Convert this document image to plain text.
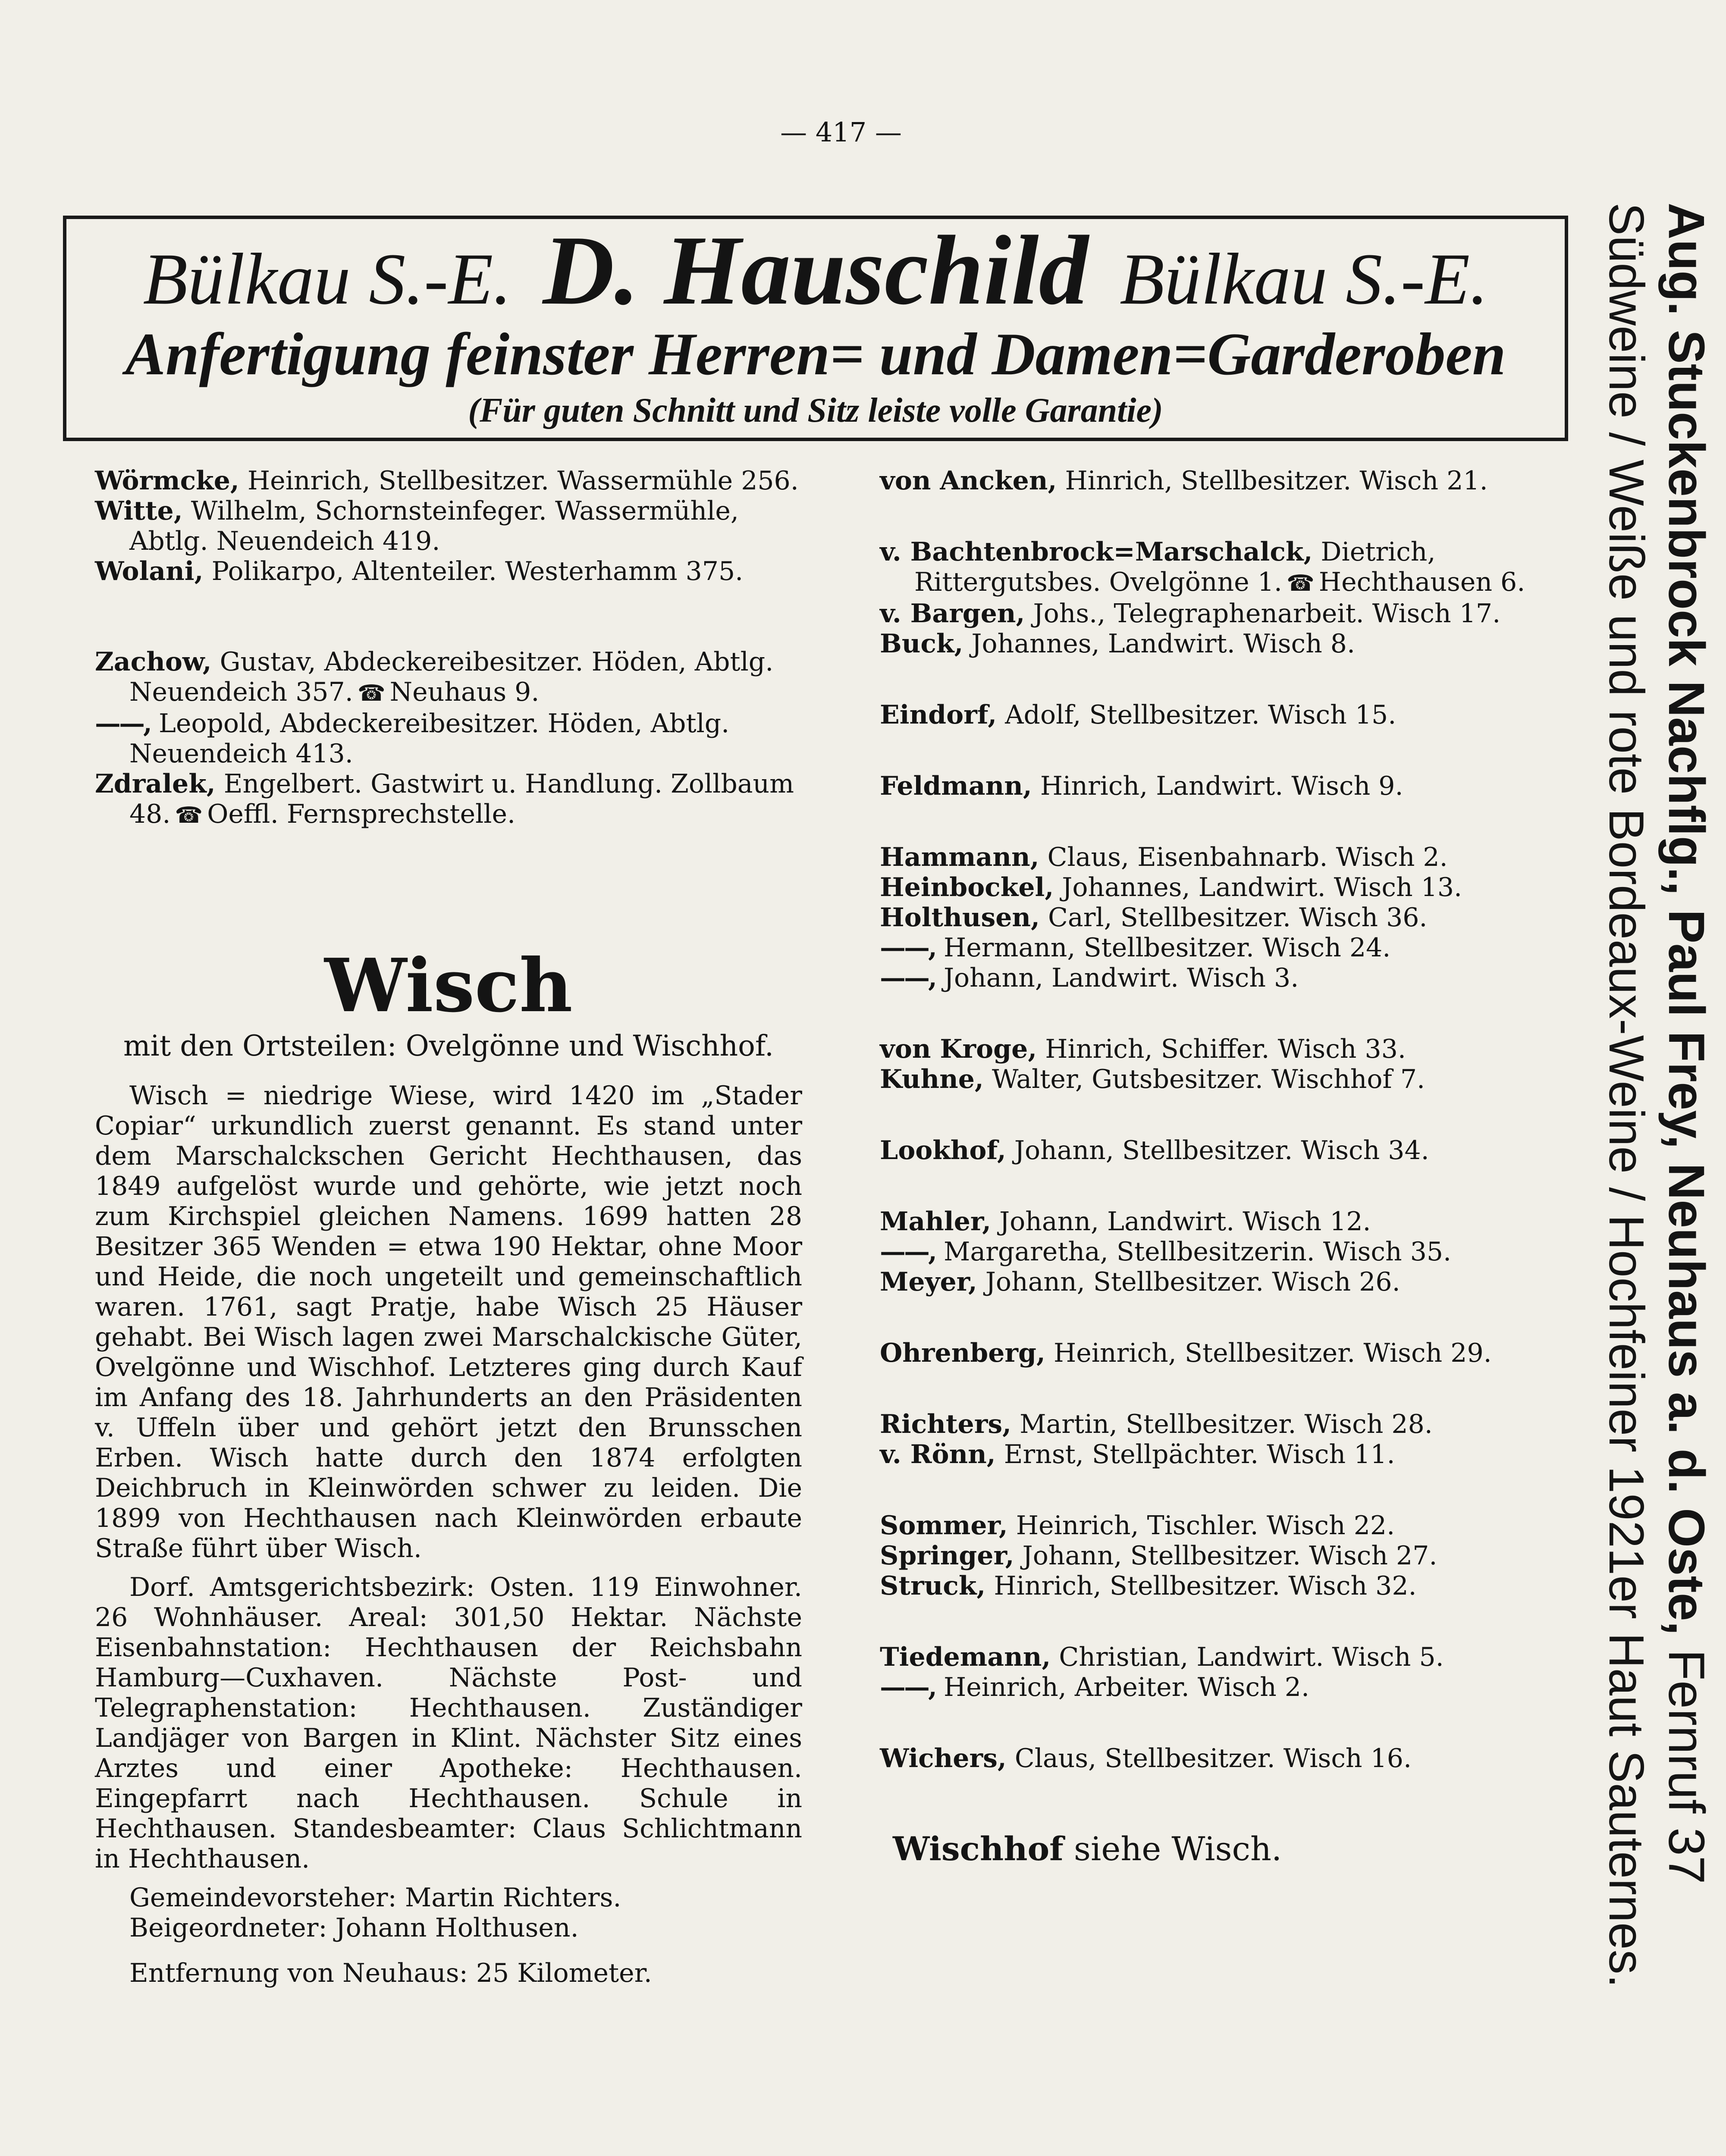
— 417 —
Bülkau S.-E. D. Hauschild Bülkau S.-E.
Anfertigung feinster Herren= und Damen=Garderoben
(Für guten Schnitt und Sitz leiste volle Garantie)

Wörmcke, Heinrich, Stellbesitzer. Wassermühle 256.

Witte, Wilhelm, Schornsteinfeger. Wassermühle, Abtlg. Neuendeich 419.

Wolani, Polikarpo, Altenteiler. Westerhamm 375.

Zachow, Gustav, Abdeckereibesitzer. Höden, Abtlg. Neuendeich 357. ☎ Neuhaus 9.

——, Leopold, Abdeckereibesitzer. Höden, Abtlg. Neuendeich 413.

Zdralek, Engelbert. Gastwirt u. Handlung. Zollbaum 48. ☎ Oeffl. Fernsprechstelle.

Wisch
mit den Ortsteilen: Ovelgönne und Wischhof.

Wisch = niedrige Wiese, wird 1420 im „Stader Copiar“ urkundlich zuerst genannt. Es stand unter dem Marschalckschen Gericht Hechthausen, das 1849 aufgelöst wurde und gehörte, wie jetzt noch zum Kirchspiel gleichen Namens. 1699 hatten 28 Besitzer 365 Wenden = etwa 190 Hektar, ohne Moor und Heide, die noch ungeteilt und gemeinschaftlich waren. 1761, sagt Pratje, habe Wisch 25 Häuser gehabt. Bei Wisch lagen zwei Marschalckische Güter, Ovelgönne und Wischhof. Letzteres ging durch Kauf im Anfang des 18. Jahrhunderts an den Präsidenten v. Uffeln über und gehört jetzt den Brunsschen Erben. Wisch hatte durch den 1874 erfolgten Deichbruch in Kleinwörden schwer zu leiden. Die 1899 von Hechthausen nach Kleinwörden erbaute Straße führt über Wisch.

Dorf. Amtsgerichtsbezirk: Osten. 119 Einwohner. 26 Wohnhäuser. Areal: 301,50 Hektar. Nächste Eisenbahnstation: Hechthausen der Reichsbahn Hamburg—Cuxhaven. Nächste Post- und Telegraphenstation: Hechthausen. Zuständiger Landjäger von Bargen in Klint. Nächster Sitz eines Arztes und einer Apotheke: Hechthausen. Eingepfarrt nach Hechthausen. Schule in Hechthausen. Standesbeamter: Claus Schlichtmann in Hechthausen.

Gemeindevorsteher: Martin Richters.
Beigeordneter: Johann Holthusen.
Entfernung von Neuhaus: 25 Kilometer.

von Ancken, Hinrich, Stellbesitzer. Wisch 21.

v. Bachtenbrock=Marschalck, Dietrich, Rittergutsbes. Ovelgönne 1. ☎ Hechthausen 6.

v. Bargen, Johs., Telegraphenarbeit. Wisch 17.

Buck, Johannes, Landwirt. Wisch 8.

Eindorf, Adolf, Stellbesitzer. Wisch 15.

Feldmann, Hinrich, Landwirt. Wisch 9.

Hammann, Claus, Eisenbahnarb. Wisch 2.

Heinbockel, Johannes, Landwirt. Wisch 13.

Holthusen, Carl, Stellbesitzer. Wisch 36.

——, Hermann, Stellbesitzer. Wisch 24.

——, Johann, Landwirt. Wisch 3.

von Kroge, Hinrich, Schiffer. Wisch 33.

Kuhne, Walter, Gutsbesitzer. Wischhof 7.

Lookhof, Johann, Stellbesitzer. Wisch 34.

Mahler, Johann, Landwirt. Wisch 12.

——, Margaretha, Stellbesitzerin. Wisch 35.

Meyer, Johann, Stellbesitzer. Wisch 26.

Ohrenberg, Heinrich, Stellbesitzer. Wisch 29.

Richters, Martin, Stellbesitzer. Wisch 28.

v. Rönn, Ernst, Stellpächter. Wisch 11.

Sommer, Heinrich, Tischler. Wisch 22.

Springer, Johann, Stellbesitzer. Wisch 27.

Struck, Hinrich, Stellbesitzer. Wisch 32.

Tiedemann, Christian, Landwirt. Wisch 5.

——, Heinrich, Arbeiter. Wisch 2.

Wichers, Claus, Stellbesitzer. Wisch 16.

Wischhof siehe Wisch.
Aug. Stuckenbrock Nachflg., Paul Frey, Neuhaus a. d. Oste, Fernruf 37
Südweine / Weiße und rote Bordeaux-Weine / Hochfeiner 1921er Haut Sauternes.
